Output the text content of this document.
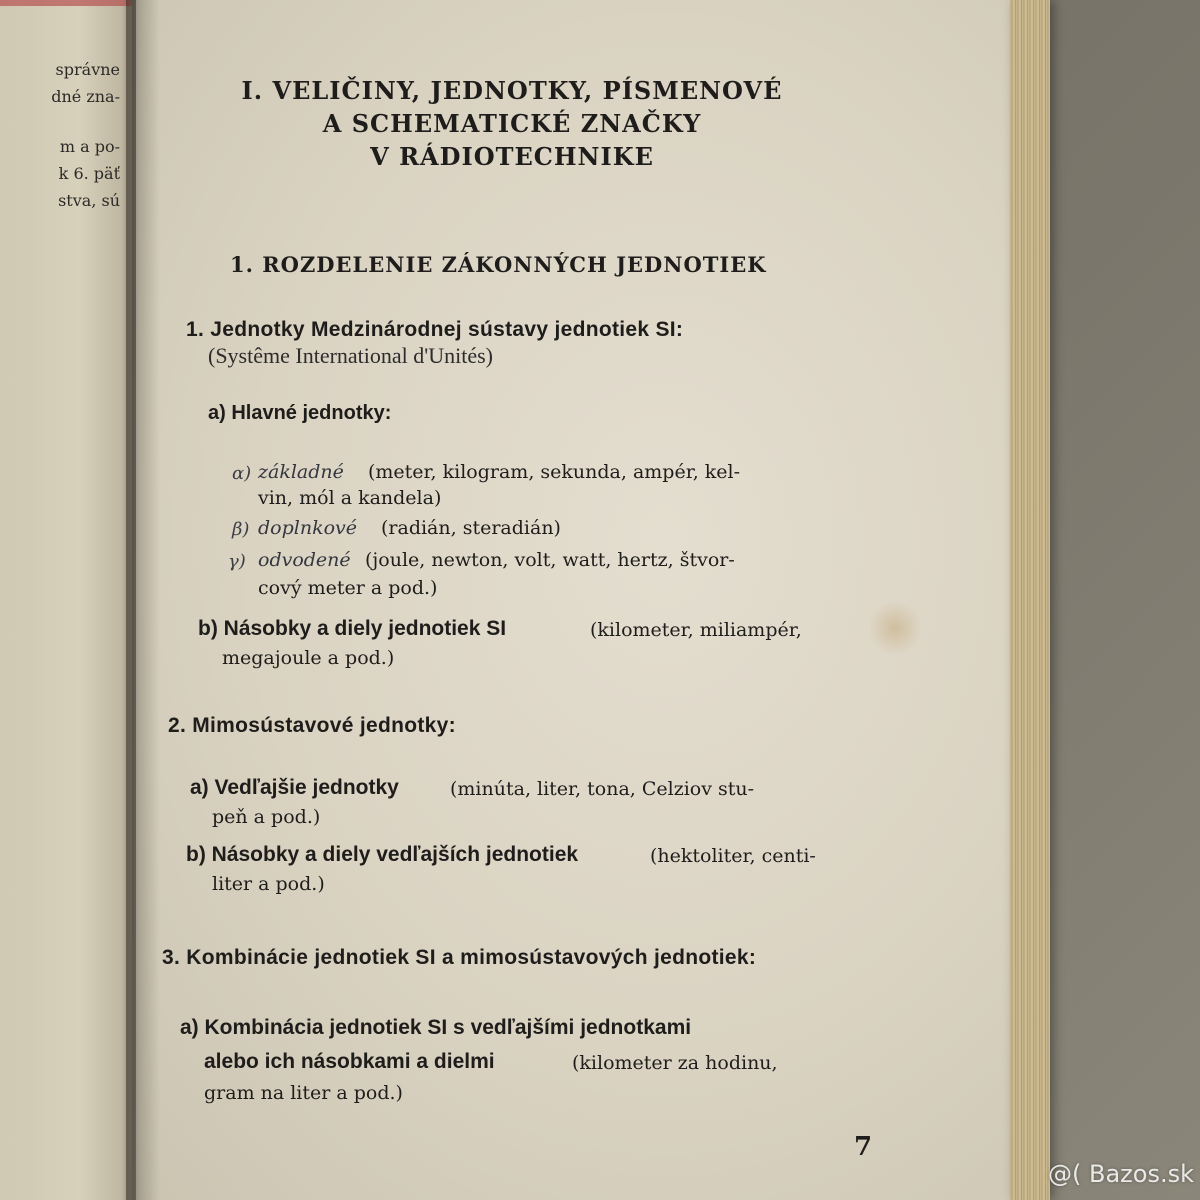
správne
dné zna-
m a po-
k 6. päť
stva, sú
I. VELIČINY, JEDNOTKY, PÍSMENOVÉ
A SCHEMATICKÉ ZNAČKY
V RÁDIOTECHNIKE
1. ROZDELENIE ZÁKONNÝCH JEDNOTIEK
1. Jednotky Medzinárodnej sústavy jednotiek SI:
(Systême International d'Unités)
a) Hlavné jednotky:
α) základné (meter, kilogram, sekunda, ampér, kel-
vin, mól a kandela)
β) doplnkové (radián, steradián)
γ) odvodené (joule, newton, volt, watt, hertz, štvor-
cový meter a pod.)
b) Násobky a diely jednotiek SI	(kilometer, miliampér,
megajoule a pod.)
2. Mimosústavové jednotky:
a) Vedľajšie jednotky	(minúta, liter, tona, Celziov stu-
peň a pod.)
b) Násobky a diely vedľajších jednotiek	(hektoliter, centi-
liter a pod.)
3. Kombinácie jednotiek SI a mimosústavových jednotiek:
a) Kombinácia jednotiek SI s vedľajšími jednotkami
alebo ich násobkami a dielmi	(kilometer za hodinu,
gram na liter a pod.)
7
@( Bazos.sk
